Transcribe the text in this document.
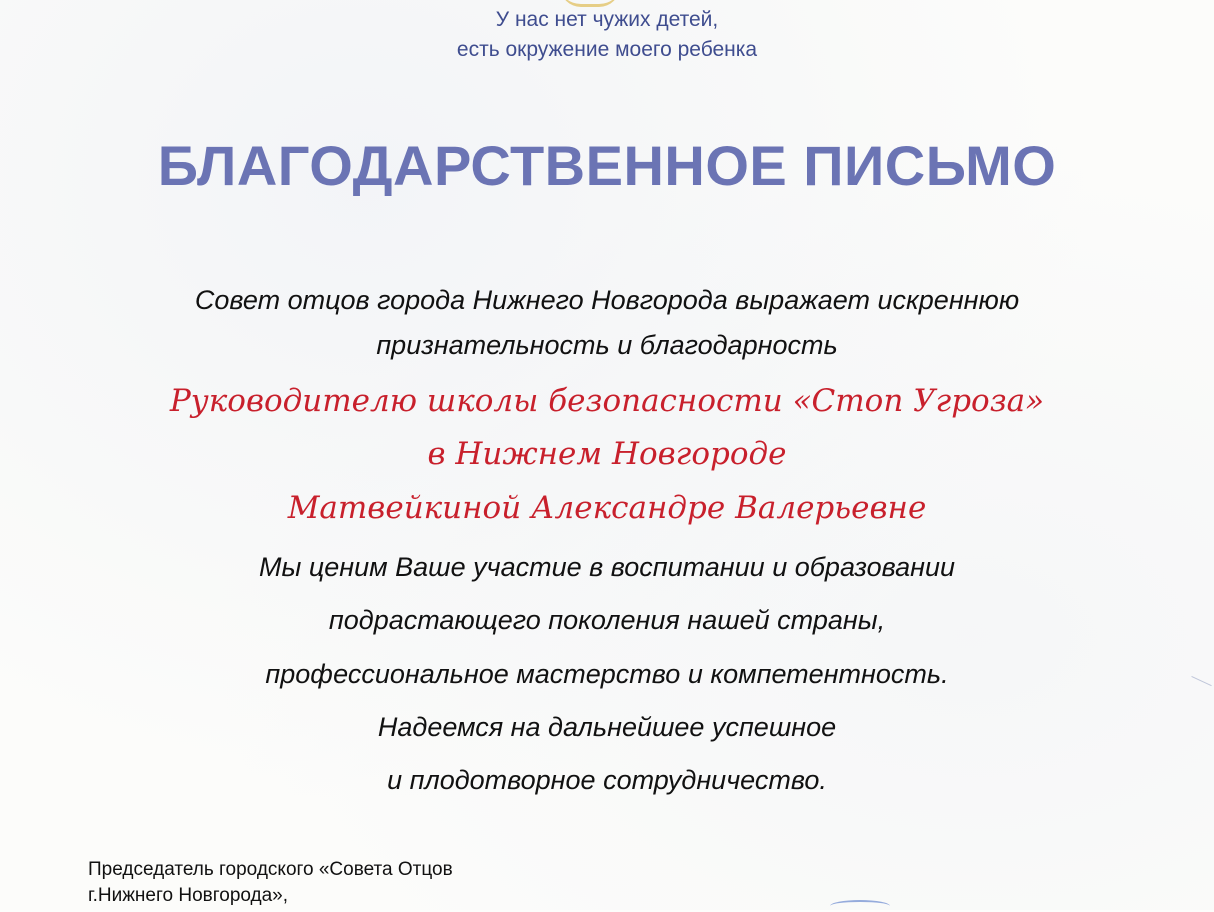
У нас нет чужих детей,
есть окружение моего ребенка
БЛАГОДАРСТВЕННОЕ ПИСЬМО
Совет отцов города Нижнего Новгорода выражает искреннюю
признательность и благодарность
Руководителю школы безопасности «Стоп Угроза»
в Нижнем Новгороде
Матвейкиной Александре Валерьевне
Мы ценим Ваше участие в воспитании и образовании
подрастающего поколения нашей страны,
профессиональное мастерство и компетентность.
Надеемся на дальнейшее успешное
и плодотворное сотрудничество.
Председатель городского «Совета Отцов
г.Нижнего Новгорода»,
